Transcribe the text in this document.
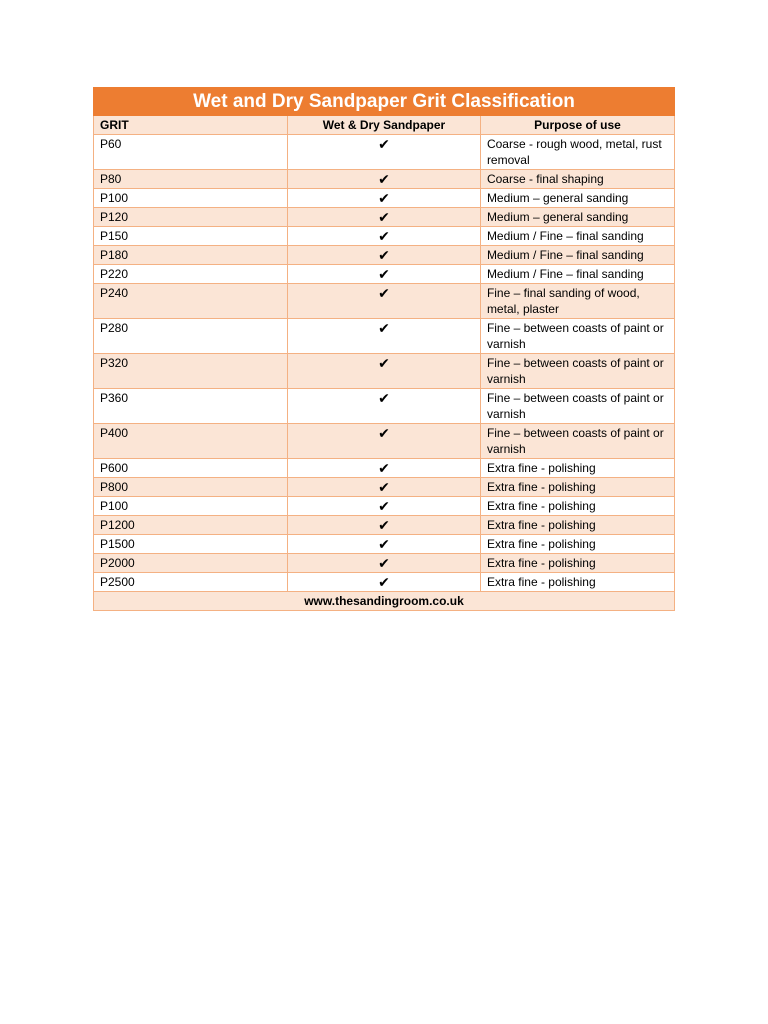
Wet and Dry Sandpaper Grit Classification		
GRIT	Wet & Dry Sandpaper	Purpose of use
P60	✔	Coarse - rough wood, metal, rust removal
P80	✔	Coarse - final shaping
P100	✔	Medium – general sanding
P120	✔	Medium – general sanding
P150	✔	Medium / Fine – final sanding
P180	✔	Medium / Fine – final sanding
P220	✔	Medium / Fine – final sanding
P240	✔	Fine – final sanding of wood, metal, plaster
P280	✔	Fine – between coasts of paint or varnish
P320	✔	Fine – between coasts of paint or varnish
P360	✔	Fine – between coasts of paint or varnish
P400	✔	Fine – between coasts of paint or varnish
P600	✔	Extra fine - polishing
P800	✔	Extra fine - polishing
P100	✔	Extra fine - polishing
P1200	✔	Extra fine - polishing
P1500	✔	Extra fine - polishing
P2000	✔	Extra fine - polishing
P2500	✔	Extra fine - polishing
www.thesandingroom.co.uk		
